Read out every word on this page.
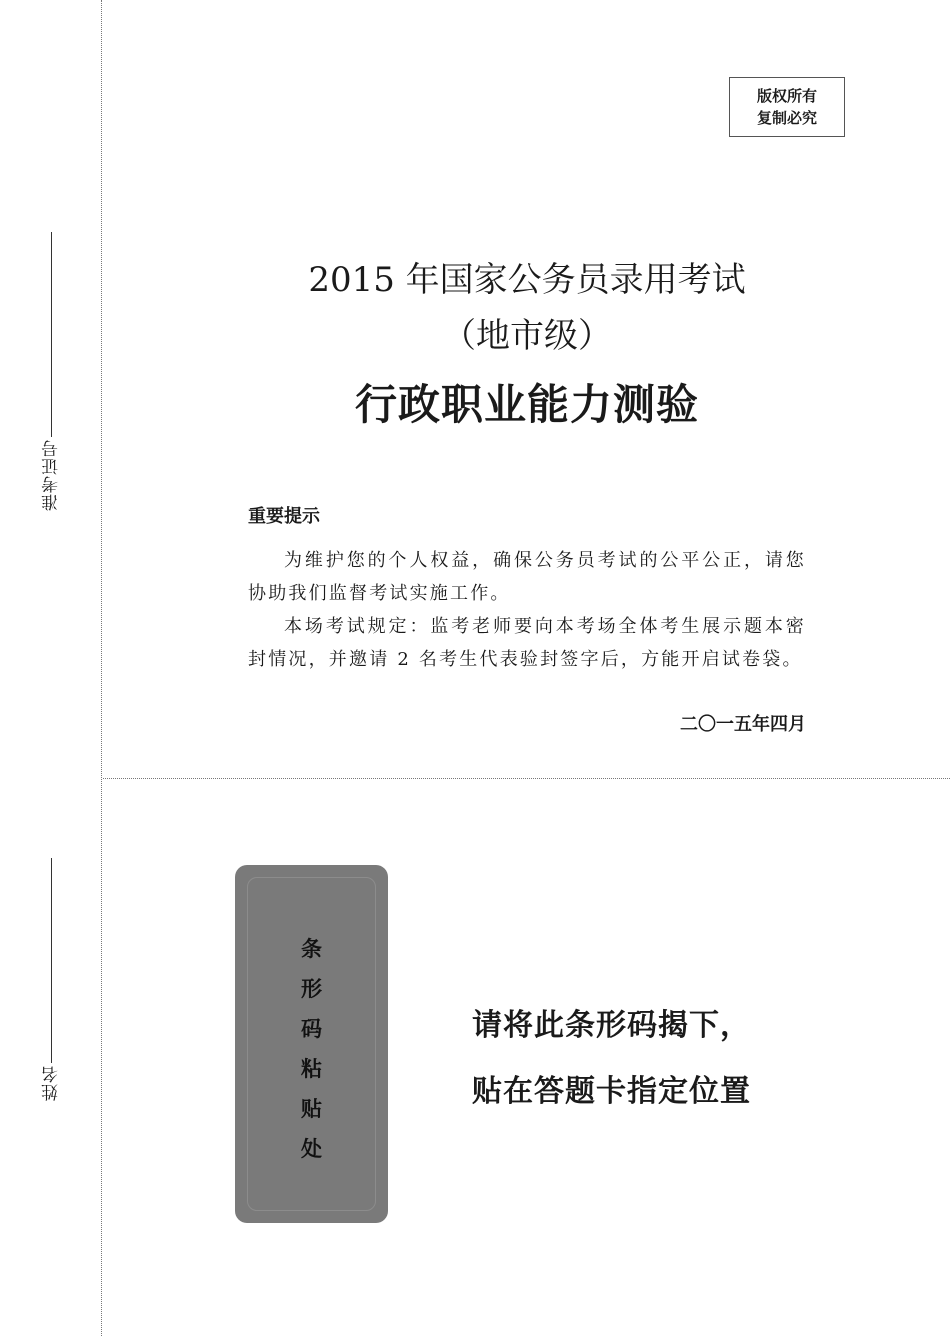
准考证号
姓名
版权所有
复制必究
2015 年国家公务员录用考试
（地市级）
行政职业能力测验
重要提示

为维护您的个人权益，确保公务员考试的公平公正，请您协助我们监督考试实施工作。

本场考试规定：监考老师要向本考场全体考生展示题本密封情况，并邀请 2 名考生代表验封签字后，方能开启试卷袋。

二〇一五年四月
条
形
码
粘
贴
处
请将此条形码揭下，
贴在答题卡指定位置
